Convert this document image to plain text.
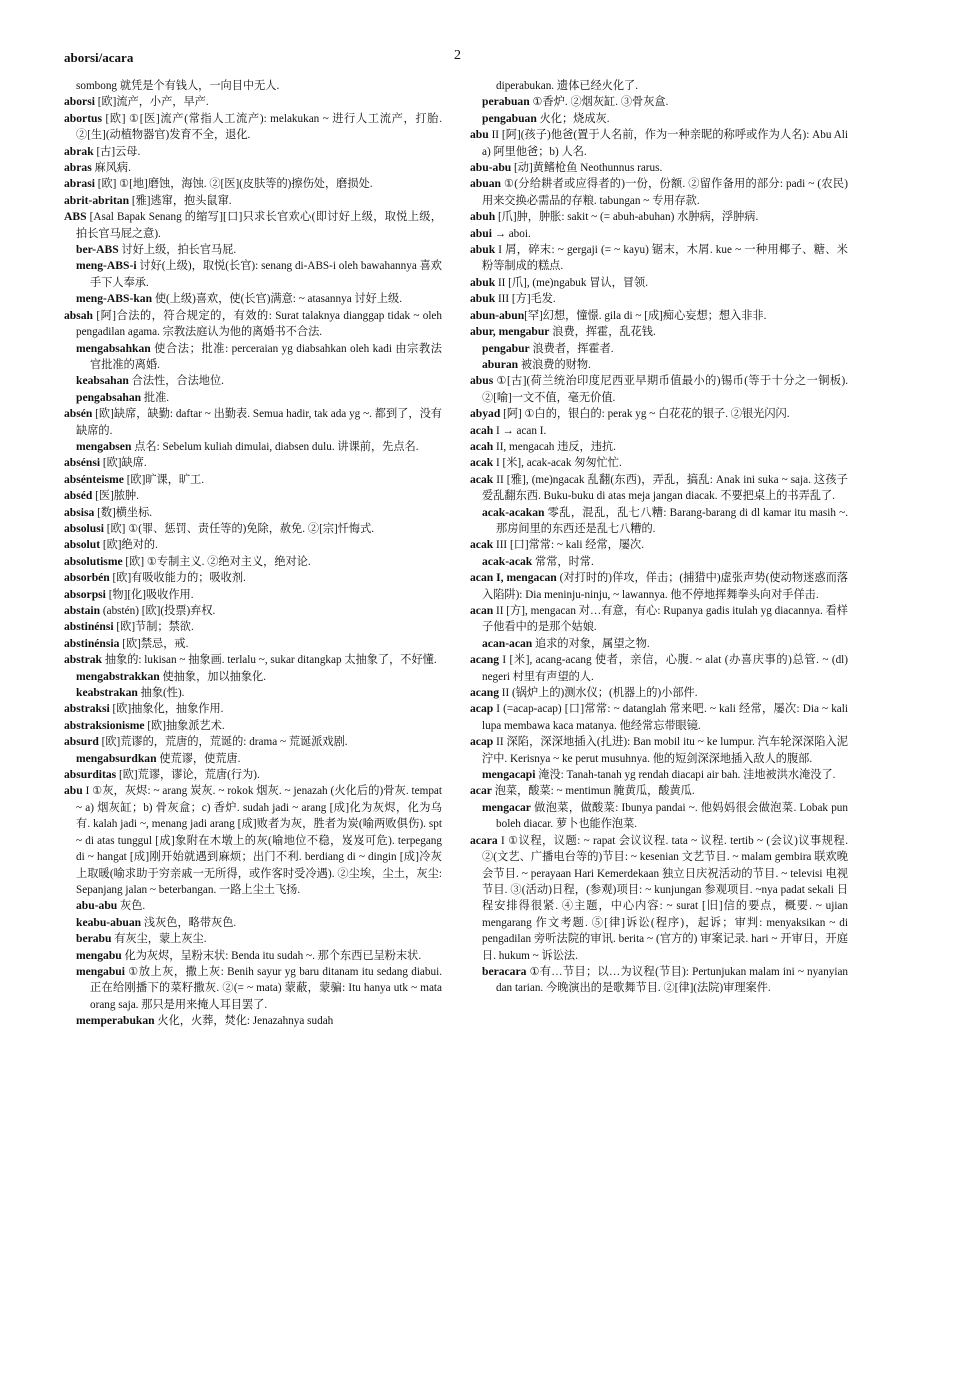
aborsi/acara	2

sombong 就凭是个有钱人，一向目中无人.

aborsi [欧]流产，小产，早产.

abortus [欧] ①[医]流产(常指人工流产): melakukan ~ 进行人工流产，打胎. ②[生](动植物器官)发育不全，退化.

abrak [古]云母.

abras 麻风病.

abrasi [欧] ①[地]磨蚀，海蚀. ②[医](皮肤等的)擦伤处，磨损处.

abrit-abritan [雅]逃窜，抱头鼠窜.

ABS [Asal Bapak Senang 的缩写][口]只求长官欢心(即讨好上级，取悦上级，拍长官马屁之意).

ber-ABS 讨好上级，拍长官马屁.

meng-ABS-i 讨好(上级)，取悦(长官): senang di-ABS-i oleh bawahannya 喜欢手下人奉承.

meng-ABS-kan 使(上级)喜欢，使(长官)满意: ~ atasannya 讨好上级.

absah [阿]合法的，符合规定的，有效的: Surat talaknya dianggap tidak ~ oleh pengadilan agama. 宗教法庭认为他的离婚书不合法.

mengabsahkan 使合法；批准: perceraian yg diabsahkan oleh kadi 由宗教法官批准的离婚.

keabsahan 合法性，合法地位.

pengabsahan 批准.

absén [欧]缺席，缺勤: daftar ~ 出勤表. Semua hadir, tak ada yg ~. 都到了，没有缺席的.

mengabsen 点名: Sebelum kuliah dimulai, diabsen dulu. 讲课前，先点名.

absénsi [欧]缺席.

absénteisme [欧]旷课，旷工.

abséd [医]脓肿.

absisa [数]横坐标.

absolusi [欧] ①(罪、惩罚、责任等的)免除，赦免. ②[宗]忏悔式.

absolut [欧]绝对的.

absolutisme [欧] ①专制主义. ②绝对主义，绝对论.

absorbén [欧]有吸收能力的；吸收剂.

absorpsi [物][化]吸收作用.

abstain (abstén) [欧](投票)弃权.

abstinénsi [欧]节制；禁欲.

abstinénsia [欧]禁忌，戒.

abstrak 抽象的: lukisan ~ 抽象画. terlalu ~, sukar ditangkap 太抽象了，不好懂.

mengabstrakkan 使抽象，加以抽象化.

keabstrakan 抽象(性).

abstraksi [欧]抽象化，抽象作用.

abstraksionisme [欧]抽象派艺术.

absurd [欧]荒谬的，荒唐的，荒诞的: drama ~ 荒诞派戏剧.

mengabsurdkan 使荒谬，使荒唐.

absurditas [欧]荒谬，谬论，荒唐(行为).

abu I ①灰，灰烬: ~ arang 炭灰. ~ rokok 烟灰. ~ jenazah (火化后的)骨灰. tempat ~ a) 烟灰缸；b) 骨灰盒；c) 香炉. sudah jadi ~ arang [成]化为灰烬，化为乌有. kalah jadi ~, menang jadi arang [成]败者为灰，胜者为炭(喻两败俱伤). spt ~ di atas tunggul [成]象附在木墩上的灰(喻地位不稳，岌岌可危). terpegang di ~ hangat [成]刚开始就遇到麻烦；出门不利. berdiang di ~ dingin [成]冷灰上取暖(喻求助于穷亲戚一无所得，或作客时受冷遇). ②尘埃，尘土，灰尘: Sepanjang jalan ~ beterbangan. 一路上尘土飞扬.

abu-abu 灰色.

keabu-abuan 浅灰色，略带灰色.

berabu 有灰尘，蒙上灰尘.

mengabu 化为灰烬，呈粉末状: Benda itu sudah ~. 那个东西已呈粉末状.

mengabui ①放上灰，撒上灰: Benih sayur yg baru ditanam itu sedang diabui. 正在给刚播下的菜籽撒灰. ②(= ~ mata) 蒙蔽，蒙骗: Itu hanya utk ~ mata orang saja. 那只是用来掩人耳目罢了.

memperabukan 火化，火葬，焚化: Jenazahnya sudah

diperabukan. 遗体已经火化了.

perabuan ①香炉. ②烟灰缸. ③骨灰盒.

pengabuan 火化；烧成灰.

abu II [阿](孩子)他爸(置于人名前，作为一种亲昵的称呼或作为人名): Abu Ali a) 阿里他爸；b) 人名.

abu-abu [动]黄鳍枪鱼 Neothunnus rarus.

abuan ①(分给耕者或应得者的)一份，份额. ②留作备用的部分: padi ~ (农民)用来交换必需品的存粮. tabungan ~ 专用存款.

abuh [爪]肿，肿胀: sakit ~ (= abuh-abuhan) 水肿病，浮肿病.

abui → aboi.

abuk I 屑，碎末: ~ gergaji (= ~ kayu) 锯末，木屑. kue ~ 一种用椰子、糖、米粉等制成的糕点.

abuk II [爪], (me)ngabuk 冒认，冒领.

abuk III [方]毛发.

abun-abun[罕]幻想，憧憬. gila di ~ [成]痴心妄想；想入非非.

abur, mengabur 浪费，挥霍，乱花钱.

pengabur 浪费者，挥霍者.

aburan 被浪费的财物.

abus ①[古](荷兰统治印度尼西亚早期币值最小的)锡币(等于十分之一铜板). ②[喻]一文不值，毫无价值.

abyad [阿] ①白的，银白的: perak yg ~ 白花花的银子. ②银光闪闪.

acah I → acan I.

acah II, mengacah 违反，违抗.

acak I [米], acak-acak 匆匆忙忙.

acak II [雅], (me)ngacak 乱翻(东西)，弄乱，搞乱: Anak ini suka ~ saja. 这孩子爱乱翻东西. Buku-buku di atas meja jangan diacak. 不要把桌上的书弄乱了.

acak-acakan 零乱，混乱，乱七八糟: Barang-barang di dl kamar itu masih ~. 那房间里的东西还是乱七八糟的.

acak III [口]常常: ~ kali 经常，屡次.

acak-acak 常常，时常.

acan I, mengacan (对打时的)佯攻，佯击；(捕猎中)虚张声势(使动物迷惑而落入陷阱): Dia meninju-ninju, ~ lawannya. 他不停地挥舞拳头向对手佯击.

acan II [方], mengacan 对…有意，有心: Rupanya gadis itulah yg diacannya. 看样子他看中的是那个姑娘.

acan-acan 追求的对象，属望之物.

acang I [米], acang-acang 使者，亲信，心腹. ~ alat (办喜庆事的)总管. ~ (dl) negeri 村里有声望的人.

acang II (锅炉上的)测水仪；(机器上的)小部件.

acap I (=acap-acap) [口]常常: ~ datanglah 常来吧. ~ kali 经常，屡次: Dia ~ kali lupa membawa kaca matanya. 他经常忘带眼镜.

acap II 深陷，深深地插入(扎进): Ban mobil itu ~ ke lumpur. 汽车轮深深陷入泥泞中. Kerisnya ~ ke perut musuhnya. 他的短剑深深地插入敌人的腹部.

mengacapi 淹没: Tanah-tanah yg rendah diacapi air bah. 洼地被洪水淹没了.

acar 泡菜，酸菜: ~ mentimun 腌黄瓜，酸黄瓜.

mengacar 做泡菜，做酸菜: Ibunya pandai ~. 他妈妈很会做泡菜. Lobak pun boleh diacar. 萝卜也能作泡菜.

acara I ①议程，议题: ~ rapat 会议议程. tata ~ 议程. tertib ~ (会议)议事规程. ②(文艺、广播电台等的)节目: ~ kesenian 文艺节目. ~ malam gembira 联欢晚会节目. ~ perayaan Hari Kemerdekaan 独立日庆祝活动的节目. ~ televisi 电视节目. ③(活动)日程，(参观)项目: ~ kunjungan 参观项目. ~nya padat sekali 日程安排得很紧. ④主题，中心内容: ~ surat [旧]信的要点，概要. ~ ujian mengarang 作文考题. ⑤[律]诉讼(程序)，起诉；审判: menyaksikan ~ di pengadilan 旁听法院的审讯. berita ~ (官方的) 审案记录. hari ~ 开审日，开庭日. hukum ~ 诉讼法.

beracara ①有…节目；以…为议程(节目): Pertunjukan malam ini ~ nyanyian dan tarian. 今晚演出的是歌舞节目. ②[律](法院)审理案件.
